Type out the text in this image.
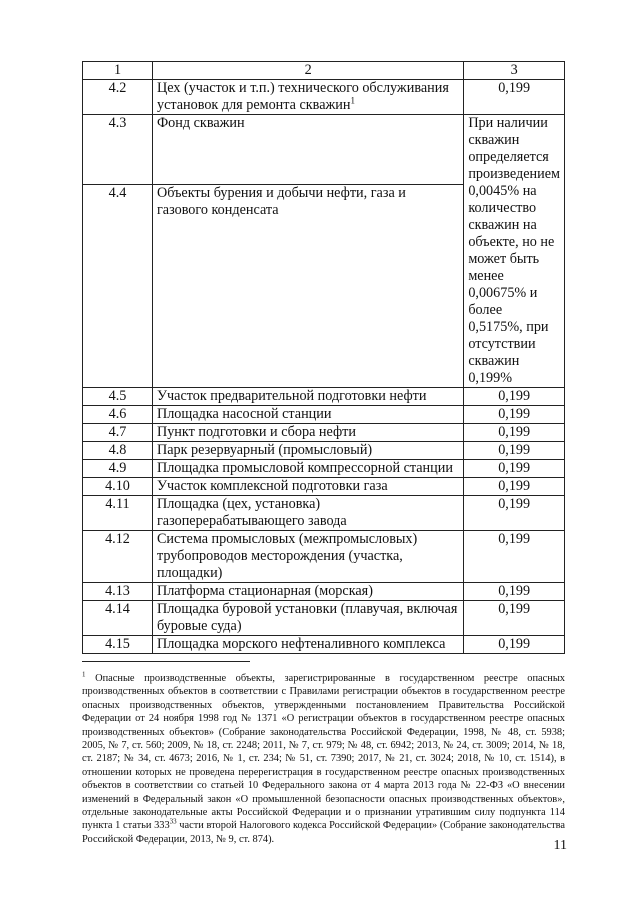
1	2	3
4.2	Цех (участок и т.п.) технического обслуживания установок для ремонта скважин$^1$	0,199
4.3	Фонд скважин	При наличии скважин определяется произведением 0,0045% на количество скважин на объекте, но не может быть менее 0,00675% и более 0,5175%, при отсутствии скважин 0,199%
4.4	Объекты бурения и добычи нефти, газа и газового конденсата	
4.5	Участок предварительной подготовки нефти	0,199
4.6	Площадка насосной станции	0,199
4.7	Пункт подготовки и сбора нефти	0,199
4.8	Парк резервуарный (промысловый)	0,199
4.9	Площадка промысловой компрессорной станции	0,199
4.10	Участок комплексной подготовки газа	0,199
4.11	Площадка (цех, установка) газоперерабатывающего завода	0,199
4.12	Система промысловых (межпромысловых) трубопроводов месторождения (участка, площадки)	0,199
4.13	Платформа стационарная (морская)	0,199
4.14	Площадка буровой установки (плавучая, включая буровые суда)	0,199
4.15	Площадка морского нефтеналивного комплекса	0,199

$^1$ Опасные производственные объекты, зарегистрированные в государственном реестре опасных производственных объектов в соответствии с Правилами регистрации объектов в государственном реестре опасных производственных объектов, утвержденными постановлением Правительства Российской Федерации от 24 ноября 1998 год № 1371 «О регистрации объектов в государственном реестре опасных производственных объектов» (Собрание законодательства Российской Федерации, 1998, № 48, ст. 5938; 2005, № 7, ст. 560; 2009, № 18, ст. 2248; 2011, № 7, ст. 979; № 48, ст. 6942; 2013, № 24, ст. 3009; 2014, № 18, ст. 2187; № 34, ст. 4673; 2016, № 1, ст. 234; № 51, ст. 7390; 2017, № 21, ст. 3024; 2018, № 10, ст. 1514), в отношении которых не проведена перерегистрация в государственном реестре опасных производственных объектов в соответствии со статьей 10 Федерального закона от 4 марта 2013 года № 22-ФЗ «О внесении изменений в Федеральный закон «О промышленной безопасности опасных производственных объектов», отдельные законодательные акты Российской Федерации и о признании утратившим силу подпункта 114 пункта 1 статьи $333^{33}$ части второй Налогового кодекса Российской Федерации» (Собрание законодательства Российской Федерации, 2013, № 9, ст. 874).	11
